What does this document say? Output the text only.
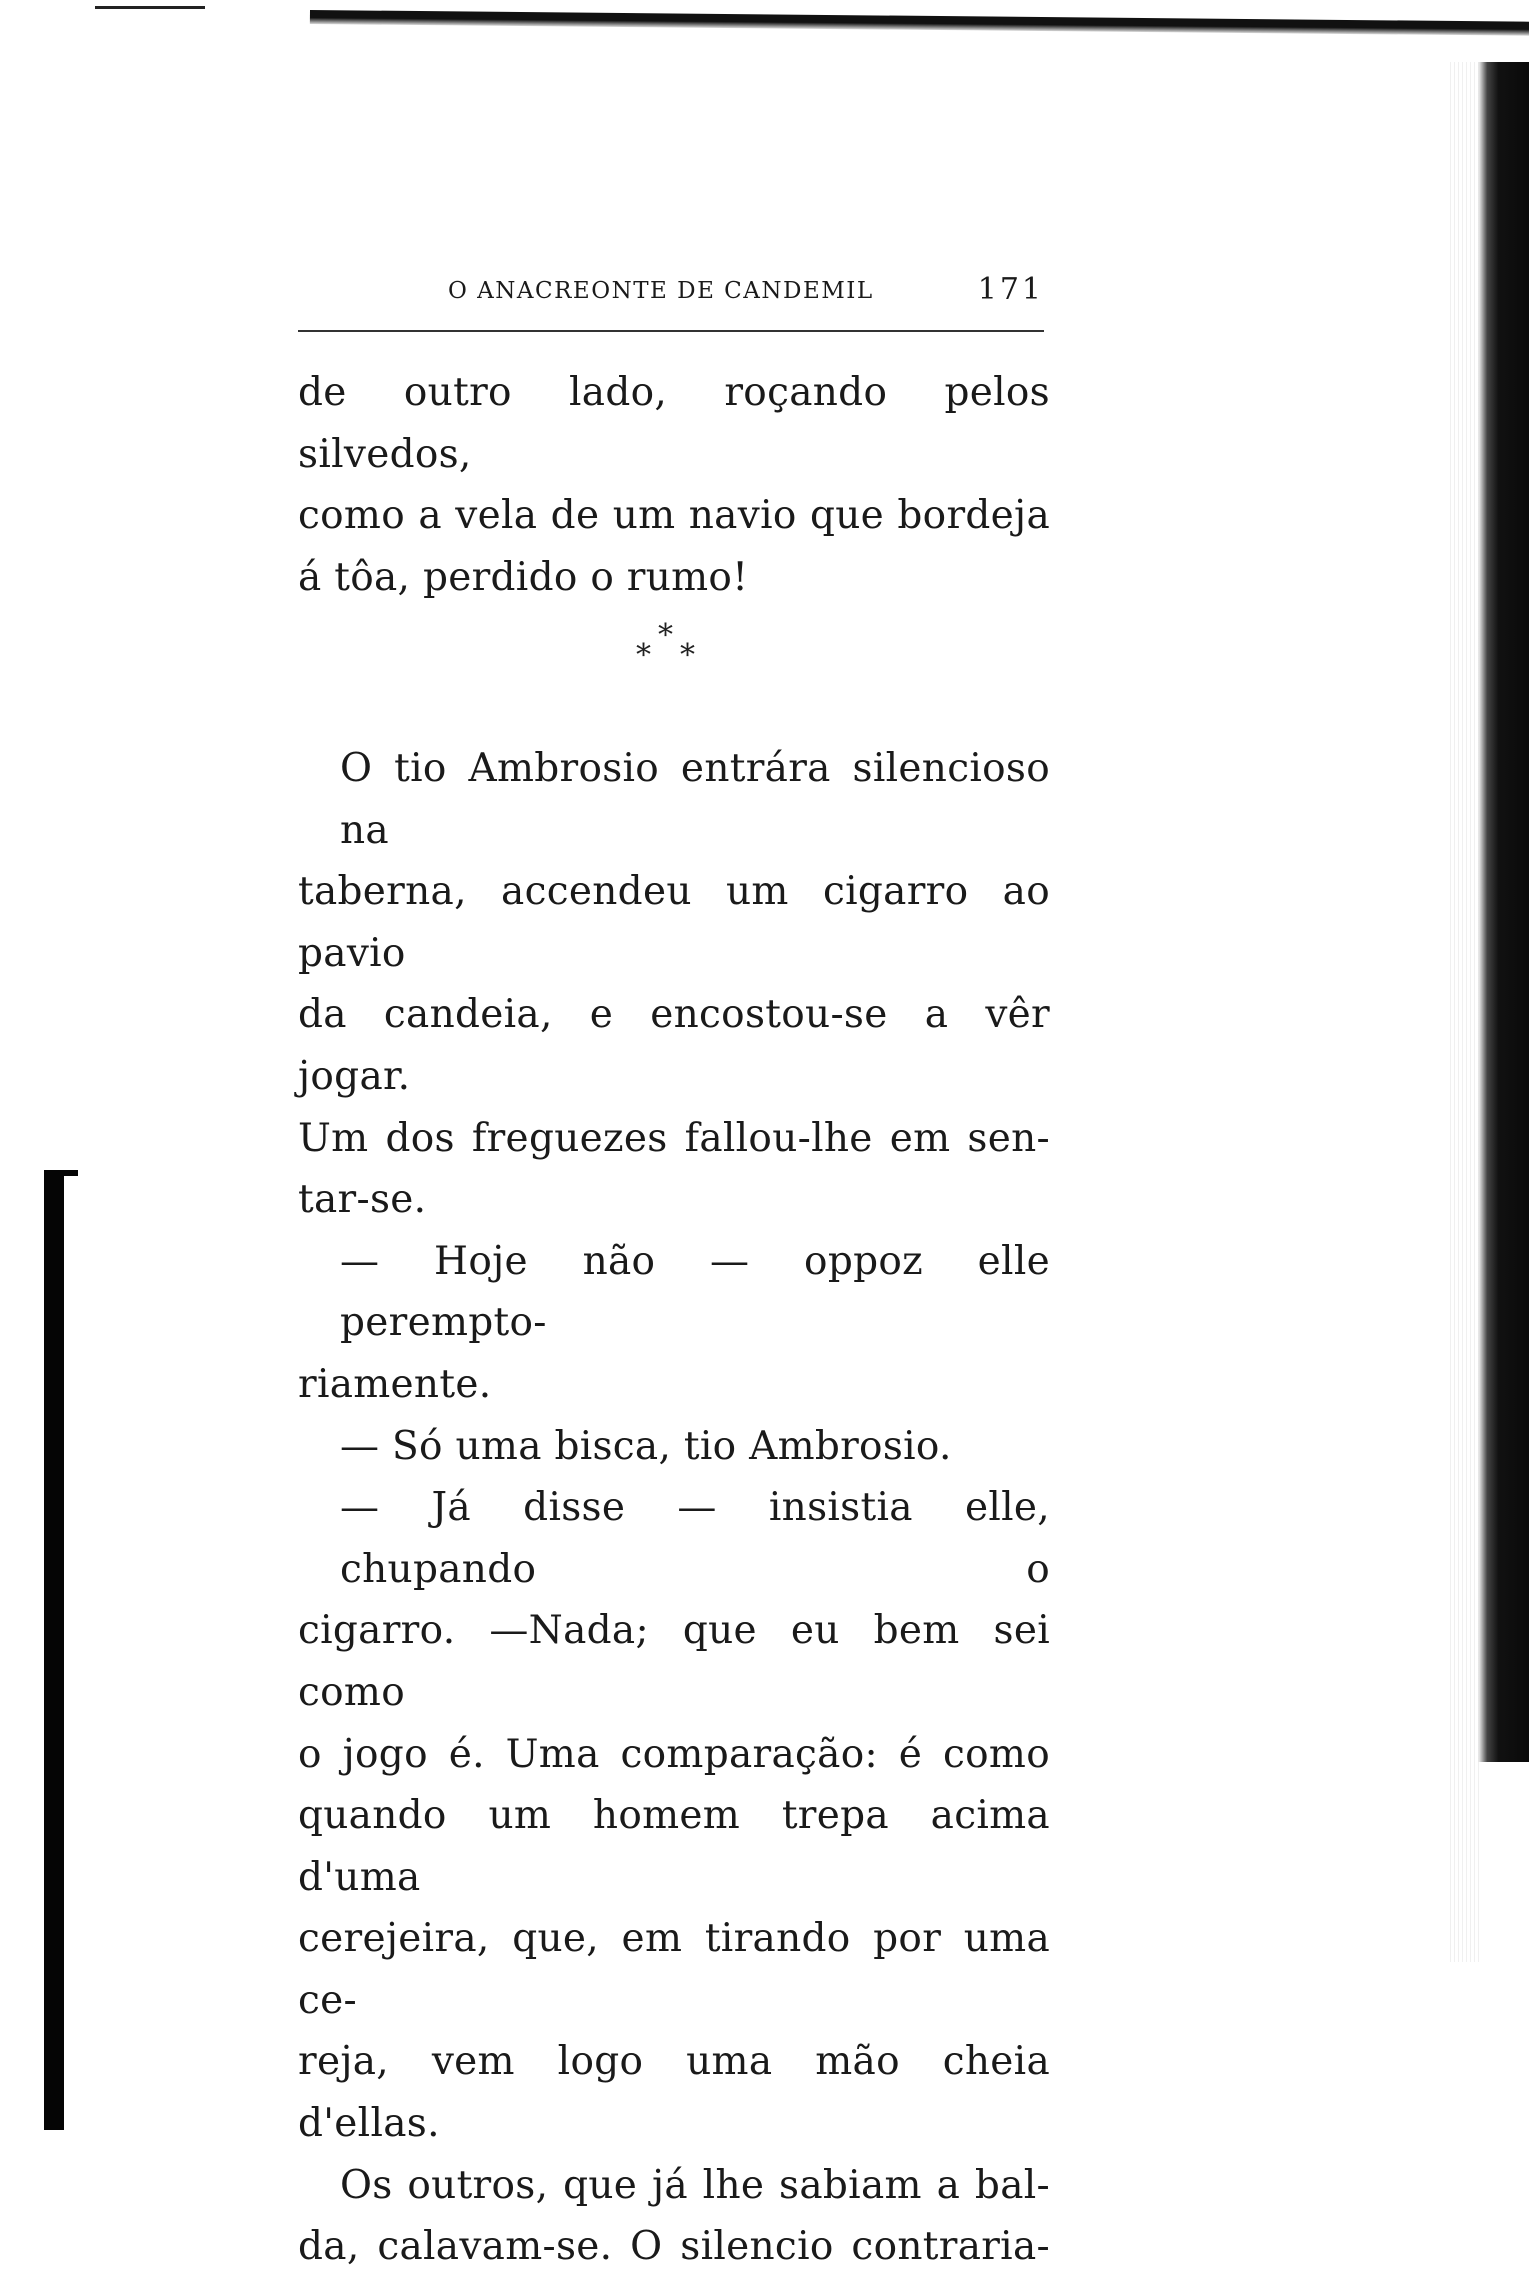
O ANACREONTE DE CANDEMIL	171
de outro lado, roçando pelos silvedos,
como a vela de um navio que bordeja
á tôa, perdido o rumo!
*
* *
O tio Ambrosio entrára silencioso na
taberna, accendeu um cigarro ao pavio
da candeia, e encostou-se a vêr jogar.
Um dos freguezes fallou-lhe em sen-
tar-se.
— Hoje não — oppoz elle perempto-
riamente.
— Só uma bisca, tio Ambrosio.
— Já disse — insistia elle, chupando o
cigarro. —Nada; que eu bem sei como
o jogo é. Uma comparação: é como
quando um homem trepa acima d'uma
cerejeira, que, em tirando por uma ce-
reja, vem logo uma mão cheia d'ellas.
Os outros, que já lhe sabiam a bal-
da, calavam-se. O silencio contraria-
